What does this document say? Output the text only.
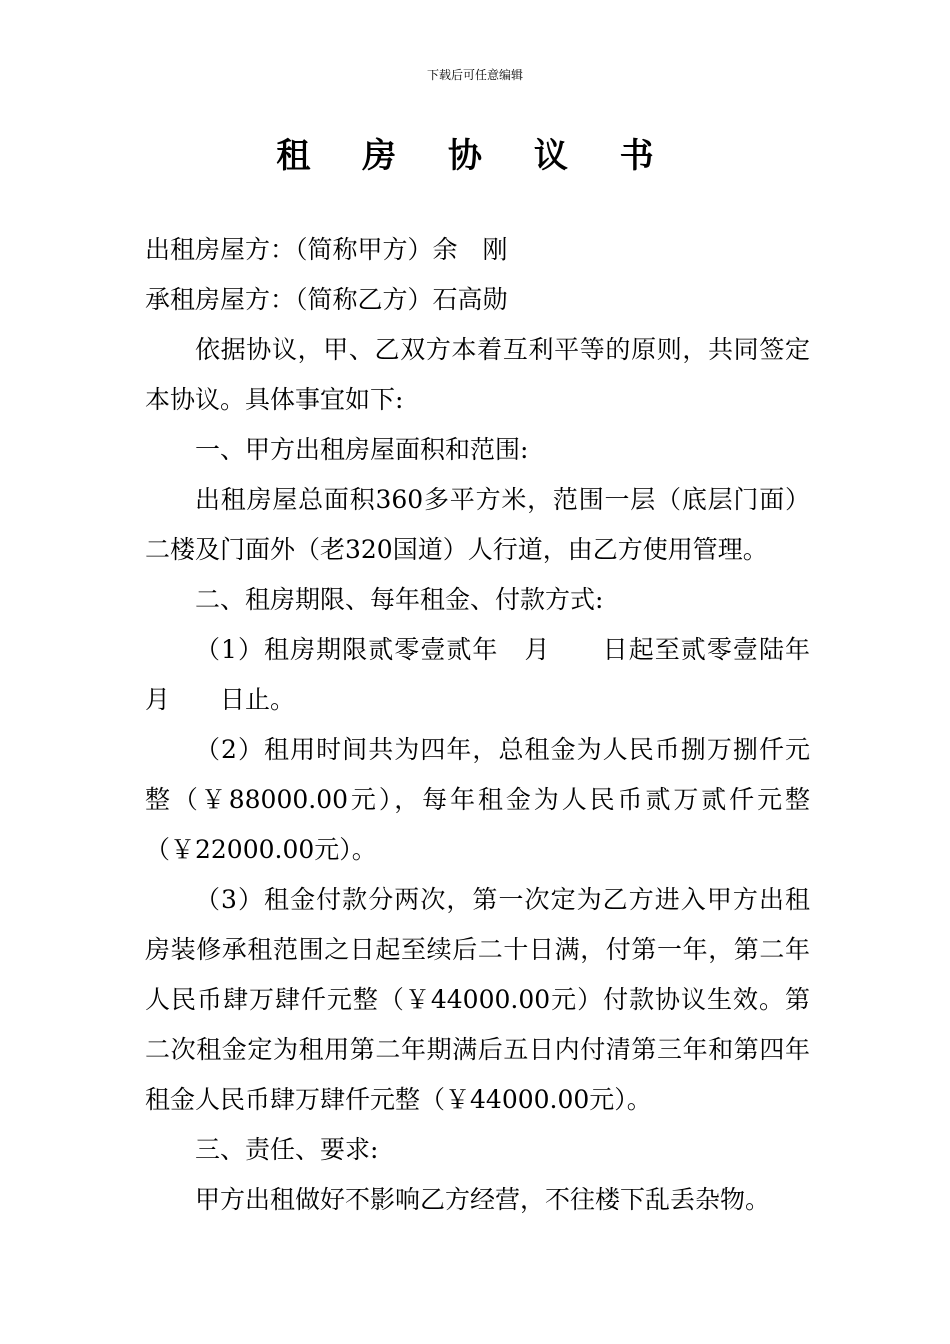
下载后可任意编辑
租 房 协 议 书

出租房屋方：（简称甲方）余　刚

承租房屋方：（简称乙方）石高勋

依据协议，甲、乙双方本着互利平等的原则，共同签定本协议。具体事宜如下:

一、甲方出租房屋面积和范围:

出租房屋总面积360多平方米，范围一层（底层门面）二楼及门面外（老320国道）人行道，由乙方使用管理。

二、租房期限、每年租金、付款方式:

（1）租房期限贰零壹贰年　月　　日起至贰零壹陆年月　　日止。

（2）租用时间共为四年，总租金为人民币捌万捌仟元整（￥88000.00元），每年租金为人民币贰万贰仟元整（￥22000.00元）。

（3）租金付款分两次，第一次定为乙方进入甲方出租房装修承租范围之日起至续后二十日满，付第一年，第二年人民币肆万肆仟元整（￥44000.00元）付款协议生效。第二次租金定为租用第二年期满后五日内付清第三年和第四年租金人民币肆万肆仟元整（￥44000.00元）。

三、责任、要求:

甲方出租做好不影响乙方经营，不往楼下乱丢杂物。
